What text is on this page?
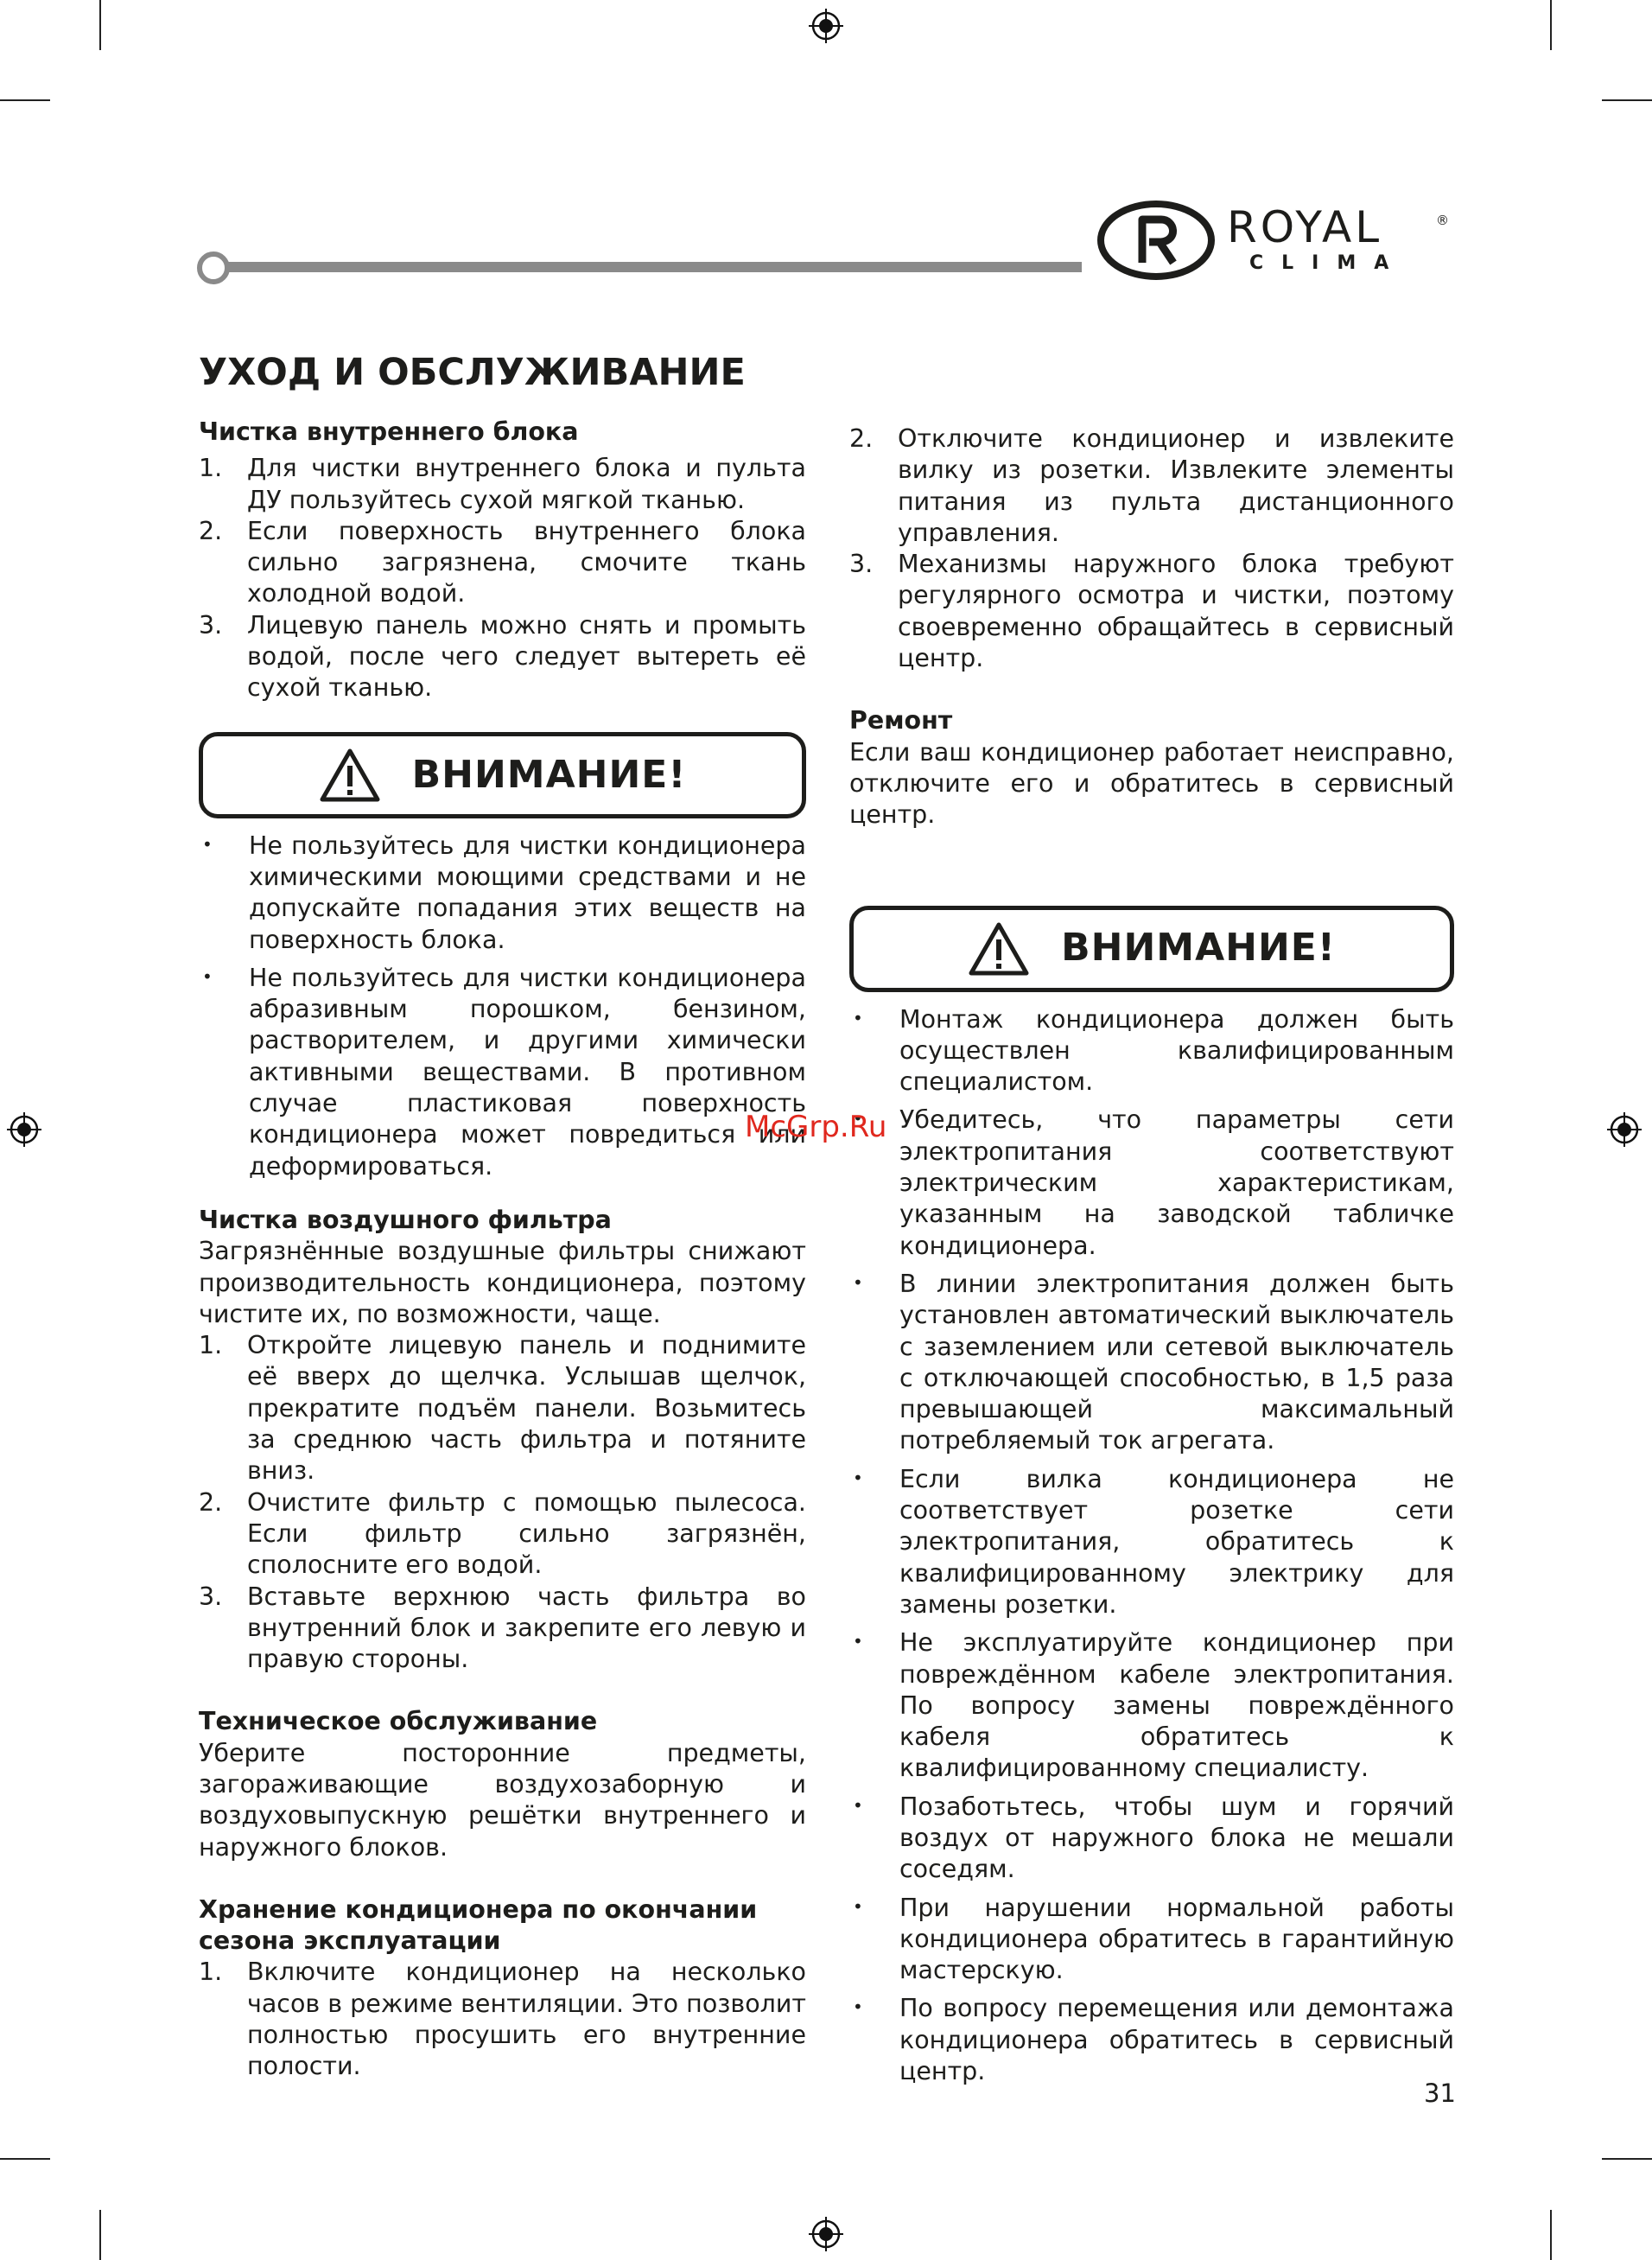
ROYAL	®
CLIMA
УХОД И ОБСЛУЖИВАНИЕ
Чистка внутреннего блока
1. Для чистки внутреннего блока и пульта ДУ пользуйтесь сухой мягкой тканью.
2. Если поверхность внутреннего блока сильно загрязнена, смочите ткань холодной водой.
3. Лицевую панель можно снять и промыть водой, после чего следует вытереть её сухой тканью.
ВНИМАНИЕ!
• Не пользуйтесь для чистки кондиционера химическими моющими средствами и не допускайте попадания этих веществ на поверхность блока.
• Не пользуйтесь для чистки кондиционера абразивным порошком, бензином, растворителем, и другими химически активными веществами. В противном случае пластиковая поверхность кондиционера может повредиться или деформироваться.
Чистка воздушного фильтра

Загрязнённые воздушные фильтры снижают производительность кондиционера, поэтому чистите их, по возможности, чаще.

1. Откройте лицевую панель и поднимите её вверх до щелчка. Услышав щелчок, прекратите подъём панели. Возьмитесь за среднюю часть фильтра и потяните вниз.
2. Очистите фильтр с помощью пылесоса. Если фильтр сильно загрязнён, сполосните его водой.
3. Вставьте верхнюю часть фильтра во внутренний блок и закрепите его левую и правую стороны.
Техническое обслуживание

Уберите посторонние предметы, загораживающие воздухозаборную и воздуховыпускную решётки внутреннего и наружного блоков.

Хранение кондиционера по окончании сезона эксплуатации
1. Включите кондиционер на несколько часов в режиме вентиляции. Это позволит полностью просушить его внутренние полости.
2. Отключите кондиционер и извлеките вилку из розетки. Извлеките элементы питания из пульта дистанционного управления.
3. Механизмы наружного блока требуют регулярного осмотра и чистки, поэтому своевременно обращайтесь в сервисный центр.
Ремонт

Если ваш кондиционер работает неисправно, отключите его и обратитесь в сервисный центр.

ВНИМАНИЕ!
• Монтаж кондиционера должен быть осуществлен квалифицированным специалистом.
• Убедитесь, что параметры сети электропитания соответствуют электрическим характеристикам, указанным на заводской табличке кондиционера.
• В линии электропитания должен быть установлен автоматический выключатель с заземлением или сетевой выключатель с отключающей способностью, в 1,5 раза превышающей максимальный потребляемый ток агрегата.
• Если вилка кондиционера не соответствует розетке сети электропитания, обратитесь к квалифицированному электрику для замены розетки.
• Не эксплуатируйте кондиционер при повреждённом кабеле электропитания. По вопросу замены повреждённого кабеля обратитесь к квалифицированному специалисту.
• Позаботьтесь, чтобы шум и горячий воздух от наружного блока не мешали соседям.
• При нарушении нормальной работы кондиционера обратитесь в гарантийную мастерскую.
• По вопросу перемещения или демонтажа кондиционера обратитесь в сервисный центр.
McGrp.Ru
31
